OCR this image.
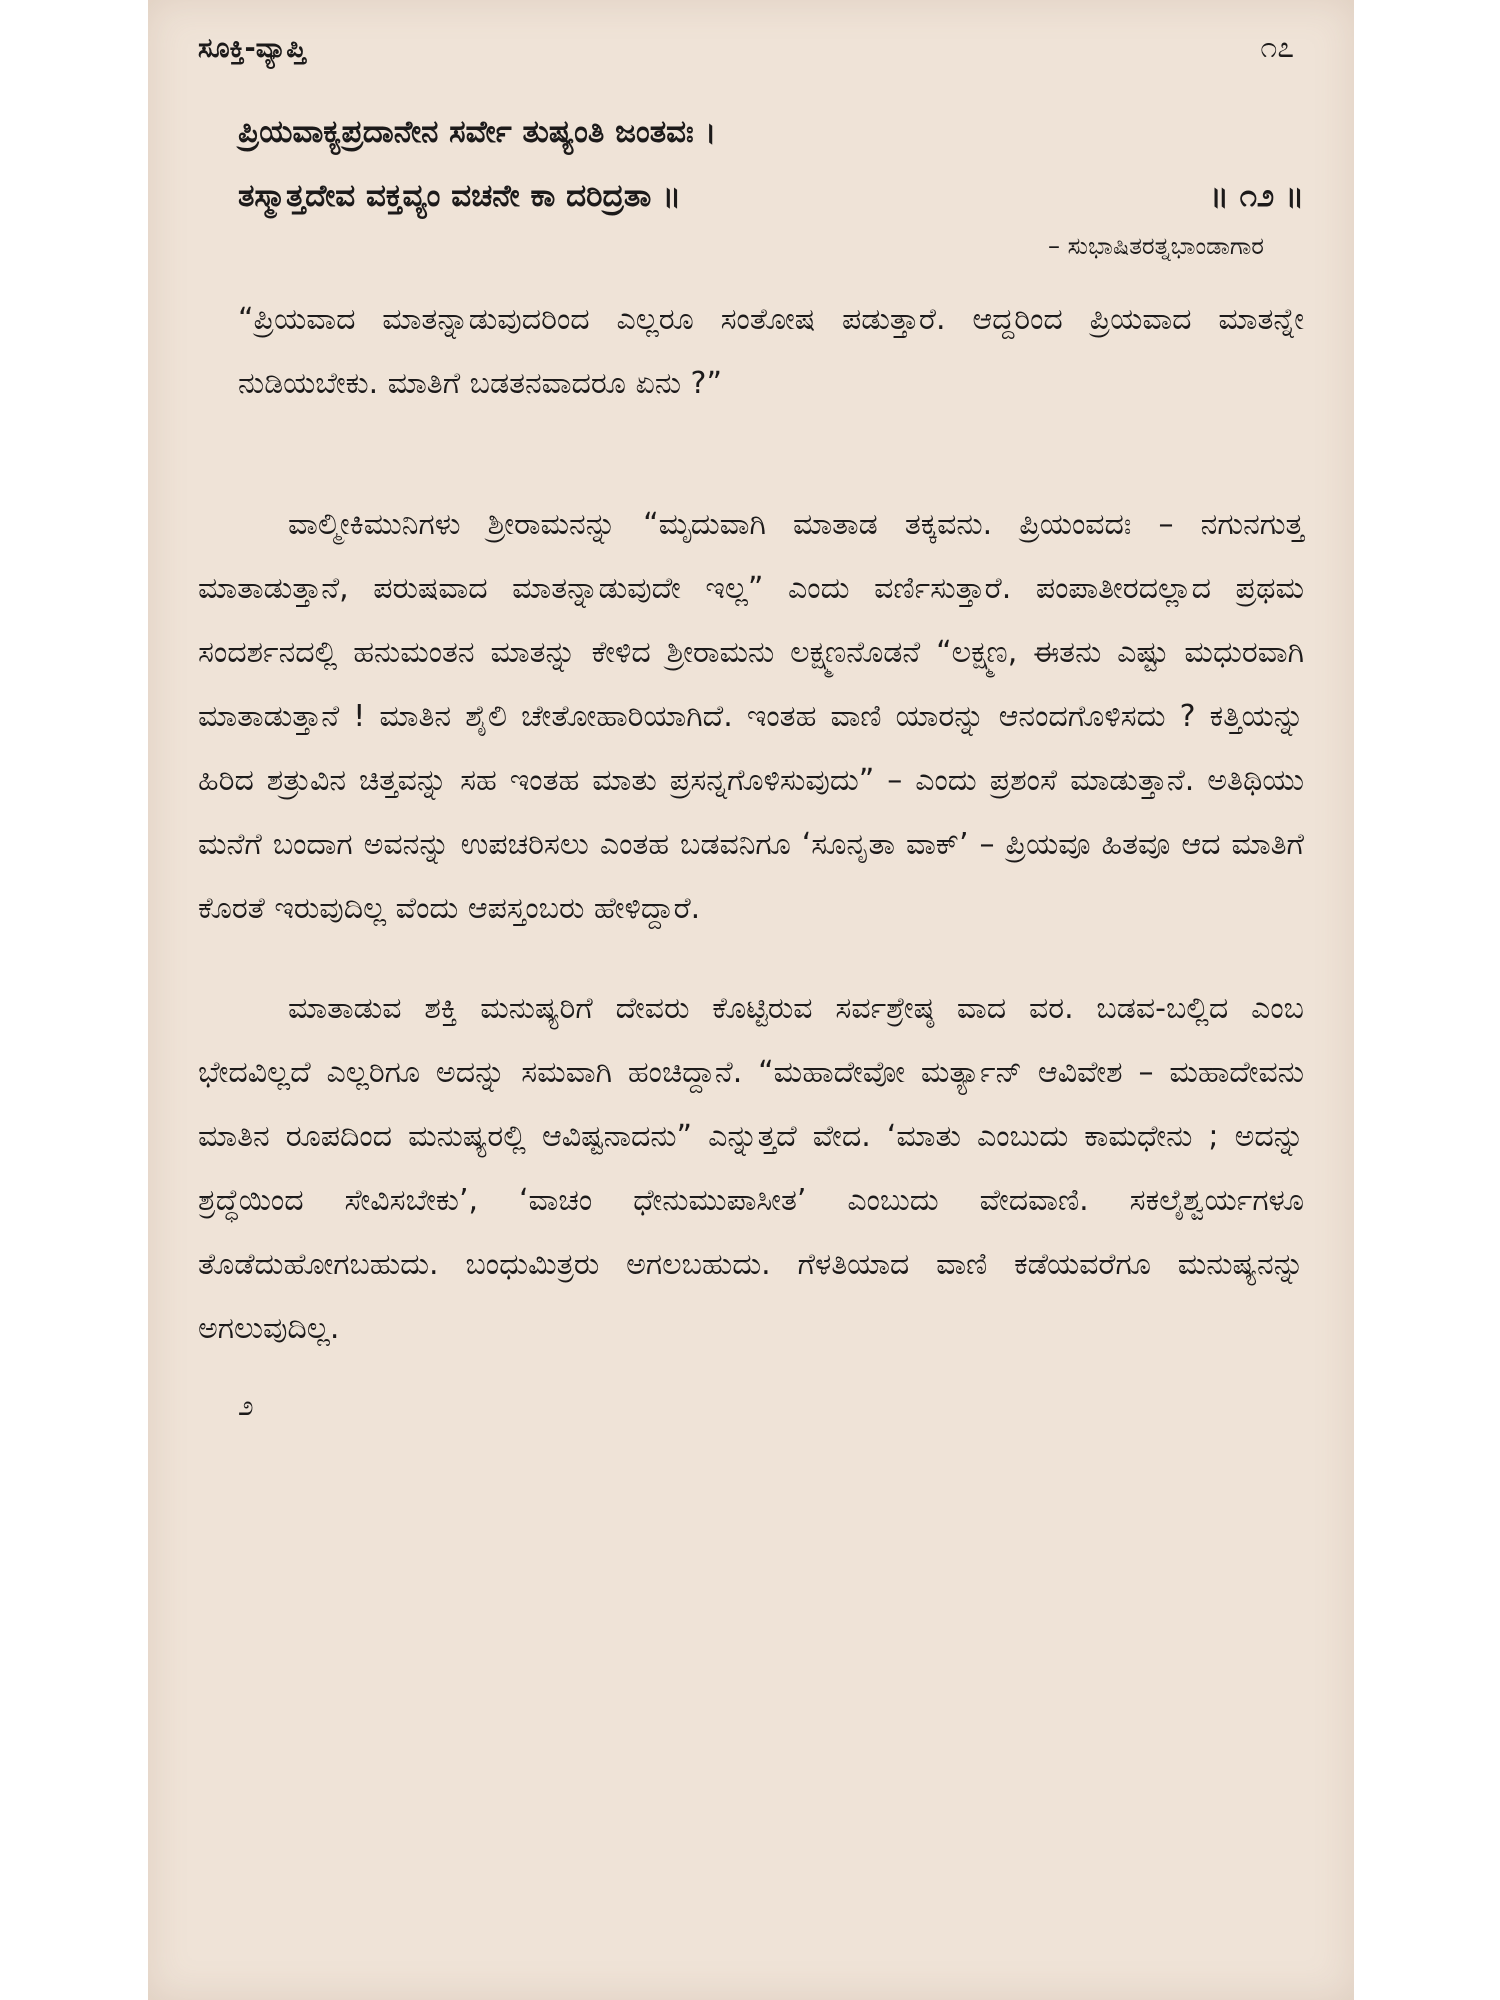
ಸೂಕ್ತಿ-ವ್ಯಾಪ್ತಿ	೧೭
ಪ್ರಿಯವಾಕ್ಯಪ್ರದಾನೇನ ಸರ್ವೇ ತುಷ್ಯಂತಿ ಜಂತವಃ ।
ತಸ್ಮಾತ್ತದೇವ ವಕ್ತವ್ಯಂ ವಚನೇ ಕಾ ದರಿದ್ರತಾ ॥	॥ ೧೨ ॥
– ಸುಭಾಷಿತರತ್ನಭಾಂಡಾಗಾರ
“ಪ್ರಿಯವಾದ ಮಾತನ್ನಾಡುವುದರಿಂದ ಎಲ್ಲರೂ ಸಂತೋಷ ಪಡುತ್ತಾರೆ. ಆದ್ದರಿಂದ ಪ್ರಿಯವಾದ ಮಾತನ್ನೇ ನುಡಿಯಬೇಕು. ಮಾತಿಗೆ ಬಡತನವಾದರೂ ಏನು ?”

ವಾಲ್ಮೀಕಿಮುನಿಗಳು ಶ್ರೀರಾಮನನ್ನು “ಮೃದುವಾಗಿ ಮಾತಾಡ ತಕ್ಕವನು. ಪ್ರಿಯಂವದಃ – ನಗುನಗುತ್ತ ಮಾತಾಡುತ್ತಾನೆ, ಪರುಷವಾದ ಮಾತನ್ನಾಡುವುದೇ ಇಲ್ಲ” ಎಂದು ವರ್ಣಿಸುತ್ತಾರೆ. ಪಂಪಾತೀರದಲ್ಲಾದ ಪ್ರಥಮ ಸಂದರ್ಶನದಲ್ಲಿ ಹನುಮಂತನ ಮಾತನ್ನು ಕೇಳಿದ ಶ್ರೀರಾಮನು ಲಕ್ಷ್ಮಣನೊಡನೆ “ಲಕ್ಷ್ಮಣ, ಈತನು ಎಷ್ಟು ಮಧುರವಾಗಿ ಮಾತಾಡುತ್ತಾನೆ ! ಮಾತಿನ ಶೈಲಿ ಚೇತೋಹಾರಿಯಾಗಿದೆ. ಇಂತಹ ವಾಣಿ ಯಾರನ್ನು ಆನಂದಗೊಳಿಸದು ? ಕತ್ತಿಯನ್ನು ಹಿರಿದ ಶತ್ರುವಿನ ಚಿತ್ತವನ್ನು ಸಹ ಇಂತಹ ಮಾತು ಪ್ರಸನ್ನಗೊಳಿಸುವುದು” – ಎಂದು ಪ್ರಶಂಸೆ ಮಾಡುತ್ತಾನೆ. ಅತಿಥಿಯು ಮನೆಗೆ ಬಂದಾಗ ಅವನನ್ನು ಉಪಚರಿಸಲು ಎಂತಹ ಬಡವನಿಗೂ ‘ಸೂನೃತಾ ವಾಕ್’ – ಪ್ರಿಯವೂ ಹಿತವೂ ಆದ ಮಾತಿಗೆ ಕೊರತೆ ಇರುವುದಿಲ್ಲ ವೆಂದು ಆಪಸ್ತಂಬರು ಹೇಳಿದ್ದಾರೆ.

ಮಾತಾಡುವ ಶಕ್ತಿ ಮನುಷ್ಯರಿಗೆ ದೇವರು ಕೊಟ್ಟಿರುವ ಸರ್ವಶ್ರೇಷ್ಠ ವಾದ ವರ. ಬಡವ-ಬಲ್ಲಿದ ಎಂಬ ಭೇದವಿಲ್ಲದೆ ಎಲ್ಲರಿಗೂ ಅದನ್ನು ಸಮವಾಗಿ ಹಂಚಿದ್ದಾನೆ. “ಮಹಾದೇವೋ ಮರ್ತ್ಯಾನ್ ಆವಿವೇಶ – ಮಹಾದೇವನು ಮಾತಿನ ರೂಪದಿಂದ ಮನುಷ್ಯರಲ್ಲಿ ಆವಿಷ್ಟನಾದನು” ಎನ್ನುತ್ತದೆ ವೇದ. ‘ಮಾತು ಎಂಬುದು ಕಾಮಧೇನು ; ಅದನ್ನು ಶ್ರದ್ಧೆಯಿಂದ ಸೇವಿಸಬೇಕು’, ‘ವಾಚಂ ಧೇನುಮುಪಾಸೀತ’ ಎಂಬುದು ವೇದವಾಣಿ. ಸಕಲೈಶ್ವರ್ಯಗಳೂ ತೊಡೆದುಹೋಗಬಹುದು. ಬಂಧುಮಿತ್ರರು ಅಗಲಬಹುದು. ಗೆಳತಿಯಾದ ವಾಣಿ ಕಡೆಯವರೆಗೂ ಮನುಷ್ಯನನ್ನು ಅಗಲುವುದಿಲ್ಲ.

೨
